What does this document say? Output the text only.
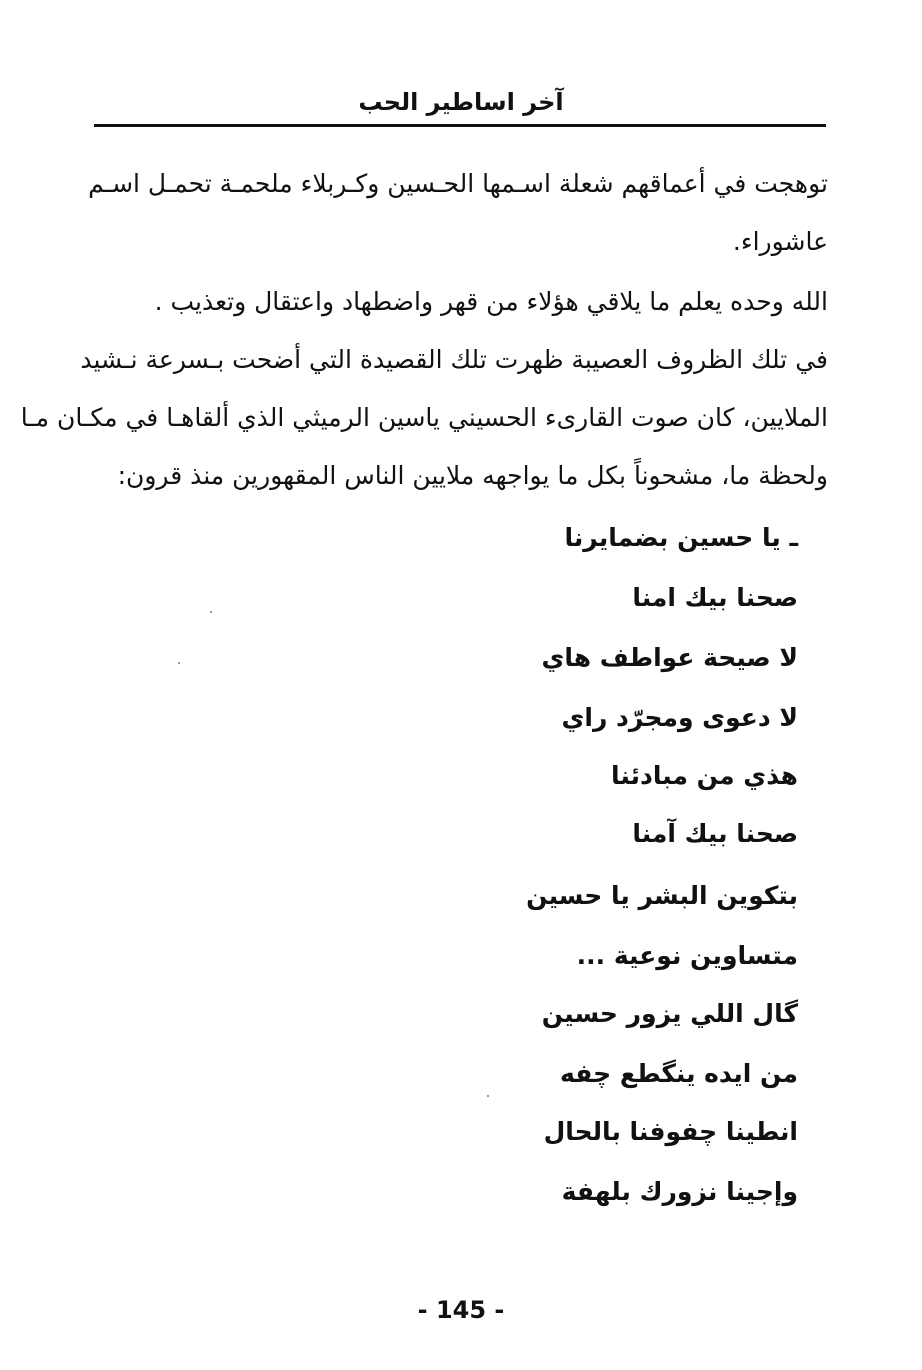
آخر اساطير الحب
توهجت في أعماقهم شعلة اسـمها الحـسين وكـربلاء ملحمـة تحمـل اسـم
عاشوراء.
الله وحده يعلم ما يلاقي هؤلاء من قهر واضطهاد واعتقال وتعذيب .
في تلك الظروف العصيبة ظهرت تلك القصيدة التي أضحت بـسرعة نـشيد
الملايين، كان صوت القارىء الحسيني ياسين الرميثي الذي ألقاهـا في مكـان مـا
ولحظة ما، مشحوناً بكل ما يواجهه ملايين الناس المقهورين منذ قرون:
ـ يا حسين بضمايرنا
صحنا بيك امنا
لا صيحة عواطف هاي
لا دعوى ومجرّد راي
هذي من مبادئنا
صحنا بيك آمنا
بتكوين البشر يا حسين
متساوين نوعية ...
گال اللي يزور حسين
من ايده ينگطع چفه
انطينا چفوفنا بالحال
وإجينا نزورك بلهفة
- 145 -
